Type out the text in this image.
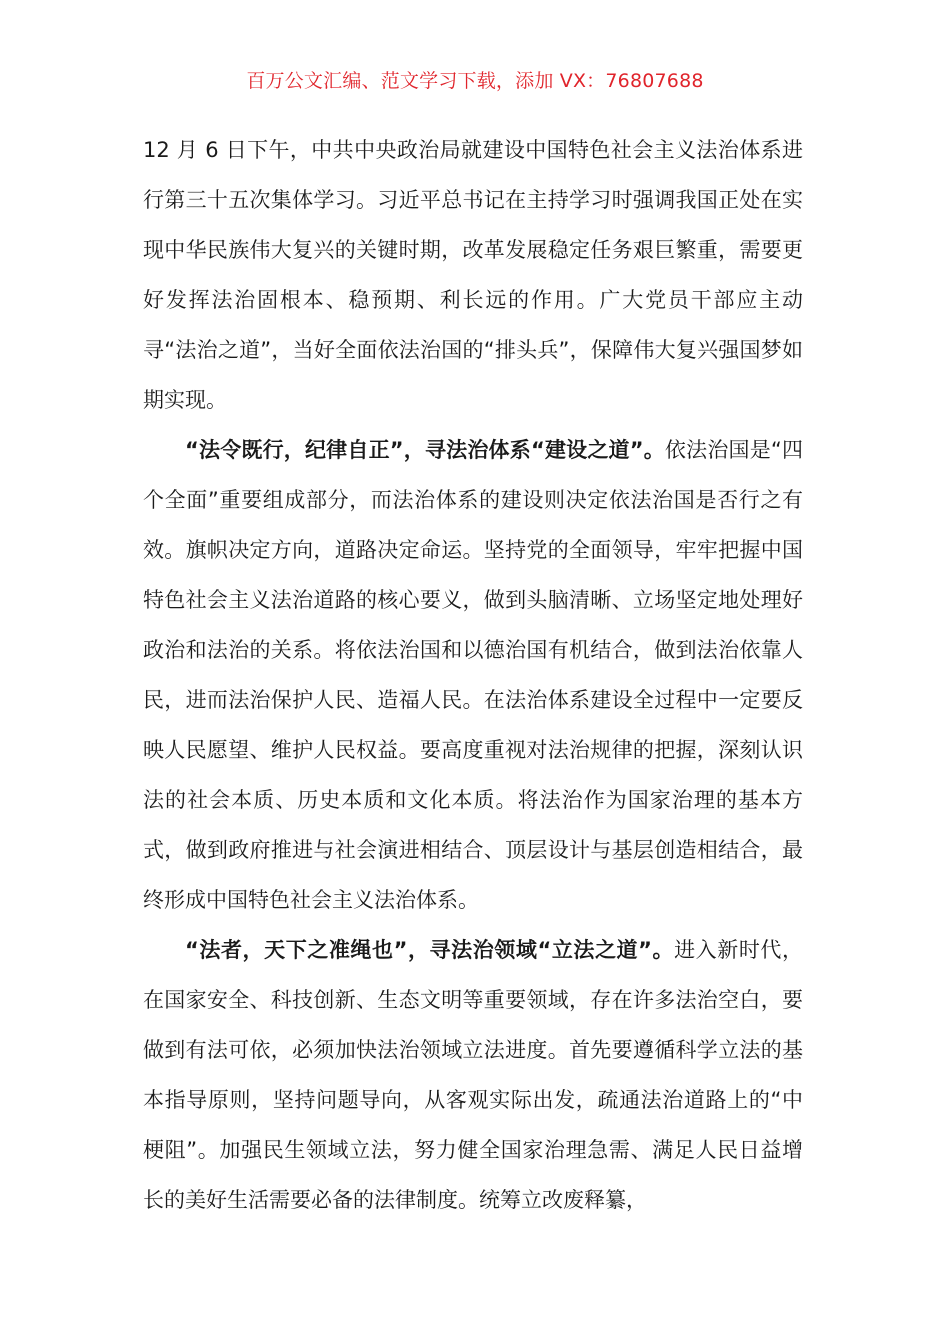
百万公文汇编、范文学习下载，添加 VX：76807688

12 月 6 日下午，中共中央政治局就建设中国特色社会主义法治体系进行第三十五次集体学习。习近平总书记在主持学习时强调我国正处在实现中华民族伟大复兴的关键时期，改革发展稳定任务艰巨繁重，需要更好发挥法治固根本、稳预期、利长远的作用。广大党员干部应主动寻“法治之道”，当好全面依法治国的“排头兵”，保障伟大复兴强国梦如期实现。

“法令既行，纪律自正”，寻法治体系“建设之道”。依法治国是“四个全面”重要组成部分，而法治体系的建设则决定依法治国是否行之有效。旗帜决定方向，道路决定命运。坚持党的全面领导，牢牢把握中国特色社会主义法治道路的核心要义，做到头脑清晰、立场坚定地处理好政治和法治的关系。将依法治国和以德治国有机结合，做到法治依靠人民，进而法治保护人民、造福人民。在法治体系建设全过程中一定要反映人民愿望、维护人民权益。要高度重视对法治规律的把握，深刻认识法的社会本质、历史本质和文化本质。将法治作为国家治理的基本方式，做到政府推进与社会演进相结合、顶层设计与基层创造相结合，最终形成中国特色社会主义法治体系。

“法者，天下之准绳也”，寻法治领域“立法之道”。进入新时代，在国家安全、科技创新、生态文明等重要领域，存在许多法治空白，要做到有法可依，必须加快法治领域立法进度。首先要遵循科学立法的基本指导原则，坚持问题导向，从客观实际出发，疏通法治道路上的“中梗阻”。加强民生领域立法，努力健全国家治理急需、满足人民日益增长的美好生活需要必备的法律制度。统筹立改废释纂，
